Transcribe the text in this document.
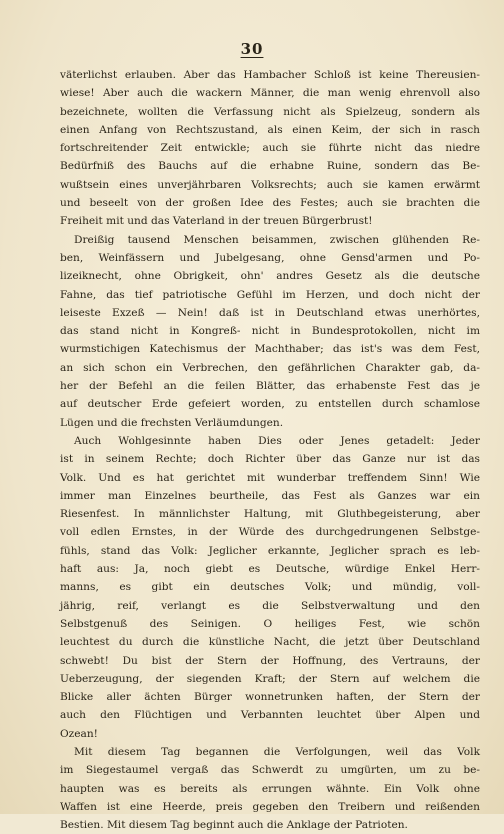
30
väterlichst erlauben. Aber das Hambacher Schloß ist keine Thereusien-
wiese! Aber auch die wackern Männer, die man wenig ehrenvoll also
bezeichnete, wollten die Verfassung nicht als Spielzeug, sondern als
einen Anfang von Rechtszustand, als einen Keim, der sich in rasch
fortschreitender Zeit entwickle; auch sie führte nicht das niedre
Bedürfniß des Bauchs auf die erhabne Ruine, sondern das Be-
wußtsein eines unverjährbaren Volksrechts; auch sie kamen erwärmt
und beseelt von der großen Idee des Festes; auch sie brachten die
Freiheit mit und das Vaterland in der treuen Bürgerbrust!
Dreißig tausend Menschen beisammen, zwischen glühenden Re-
ben, Weinfässern und Jubelgesang, ohne Gensd'armen und Po-
lizeiknecht, ohne Obrigkeit, ohn' andres Gesetz als die deutsche
Fahne, das tief patriotische Gefühl im Herzen, und doch nicht der
leiseste Exzeß — Nein! daß ist in Deutschland etwas unerhörtes,
das stand nicht in Kongreß- nicht in Bundesprotokollen, nicht im
wurmstichigen Katechismus der Machthaber; das ist's was dem Fest,
an sich schon ein Verbrechen, den gefährlichen Charakter gab, da-
her der Befehl an die feilen Blätter, das erhabenste Fest das je
auf deutscher Erde gefeiert worden, zu entstellen durch schamlose
Lügen und die frechsten Verläumdungen.
Auch Wohlgesinnte haben Dies oder Jenes getadelt: Jeder
ist in seinem Rechte; doch Richter über das Ganze nur ist das
Volk. Und es hat gerichtet mit wunderbar treffendem Sinn! Wie
immer man Einzelnes beurtheile, das Fest als Ganzes war ein
Riesenfest. In männlichster Haltung, mit Gluthbegeisterung, aber
voll edlen Ernstes, in der Würde des durchgedrungenen Selbstge-
fühls, stand das Volk: Jeglicher erkannte, Jeglicher sprach es leb-
haft aus: Ja, noch giebt es Deutsche, würdige Enkel Herr-
manns, es gibt ein deutsches Volk; und mündig, voll-
jährig, reif, verlangt es die Selbstverwaltung und den
Selbstgenuß des Seinigen. O heiliges Fest, wie schön
leuchtest du durch die künstliche Nacht, die jetzt über Deutschland
schwebt! Du bist der Stern der Hoffnung, des Vertrauns, der
Ueberzeugung, der siegenden Kraft; der Stern auf welchem die
Blicke aller ächten Bürger wonnetrunken haften, der Stern der
auch den Flüchtigen und Verbannten leuchtet über Alpen und
Ozean!
Mit diesem Tag begannen die Verfolgungen, weil das Volk
im Siegestaumel vergaß das Schwerdt zu umgürten, um zu be-
haupten was es bereits als errungen wähnte. Ein Volk ohne
Waffen ist eine Heerde, preis gegeben den Treibern und reißenden
Bestien. Mit diesem Tag beginnt auch die Anklage der Patrioten.
